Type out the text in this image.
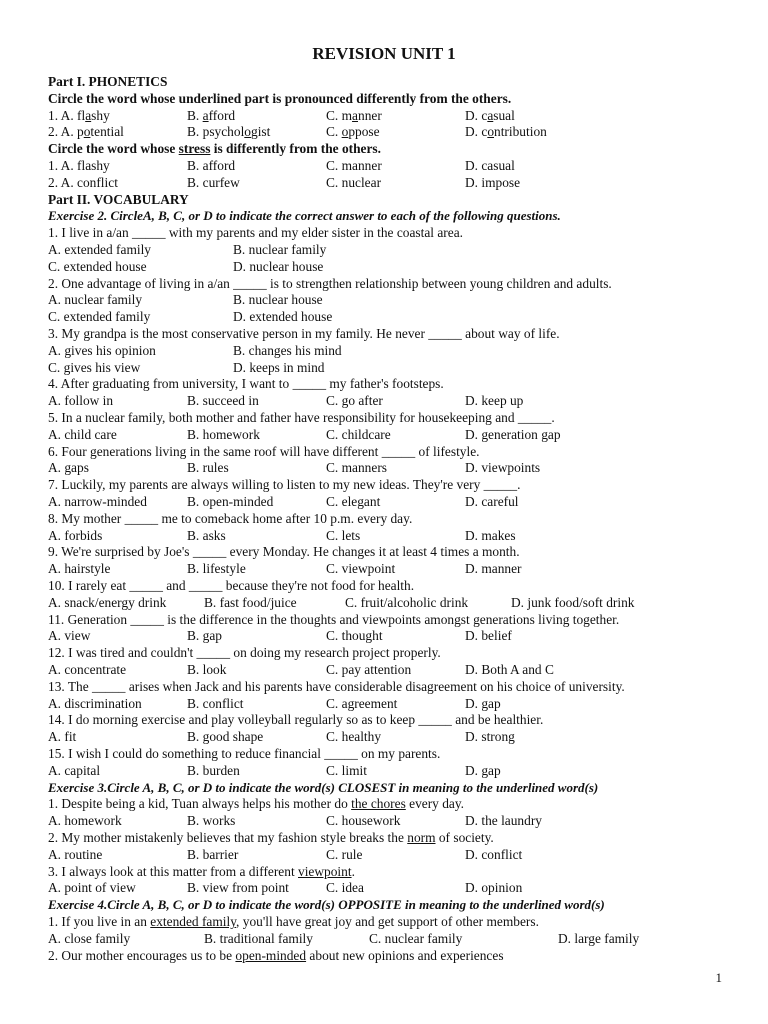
REVISION UNIT 1
Part I. PHONETICS
Circle the word whose underlined part is pronounced differently from the others.
1. A. flashy	B. afford	C. manner	D. casual
2. A. potential	B. psychologist	C. oppose	D. contribution
Circle the word whose stress is differently from the others.
1. A. flashy	B. afford	C. manner	D. casual
2. A. conflict	B. curfew	C. nuclear	D. impose
Part II. VOCABULARY
Exercise 2. CircleA, B, C, or D to indicate the correct answer to each of the following questions.
1. I live in a/an _____ with my parents and my elder sister in the coastal area.
A. extended family	B. nuclear family
C. extended house	D. nuclear house
2. One advantage of living in a/an _____ is to strengthen relationship between young children and adults.
A. nuclear family	B. nuclear house
C. extended family	D. extended house
3. My grandpa is the most conservative person in my family. He never _____ about way of life.
A. gives his opinion	B. changes his mind
C. gives his view	D. keeps in mind
4. After graduating from university, I want to _____ my father's footsteps.
A. follow in	B. succeed in	C. go after	D. keep up
5. In a nuclear family, both mother and father have responsibility for housekeeping and _____.
A. child care	B. homework	C. childcare	D. generation gap
6. Four generations living in the same roof will have different _____ of lifestyle.
A. gaps	B. rules	C. manners	D. viewpoints
7. Luckily, my parents are always willing to listen to my new ideas. They're very _____.
A. narrow-minded	B. open-minded	C. elegant	D. careful
8. My mother _____ me to comeback home after 10 p.m. every day.
A. forbids	B. asks	C. lets	D. makes
9. We're surprised by Joe's _____ every Monday. He changes it at least 4 times a month.
A. hairstyle	B. lifestyle	C. viewpoint	D. manner
10. I rarely eat _____ and _____ because they're not food for health.
A. snack/energy drink	B. fast food/juice	C. fruit/alcoholic drink	D. junk food/soft drink
11. Generation _____ is the difference in the thoughts and viewpoints amongst generations living together.
A. view	B. gap	C. thought	D. belief
12. I was tired and couldn't _____ on doing my research project properly.
A. concentrate	B. look	C. pay attention	D. Both A and C
13. The _____ arises when Jack and his parents have considerable disagreement on his choice of university.
A. discrimination	B. conflict	C. agreement	D. gap
14. I do morning exercise and play volleyball regularly so as to keep _____ and be healthier.
A. fit	B. good shape	C. healthy	D. strong
15. I wish I could do something to reduce financial _____ on my parents.
A. capital	B. burden	C. limit	D. gap
Exercise 3.Circle A, B, C, or D to indicate the word(s) CLOSEST in meaning to the underlined word(s)
1. Despite being a kid, Tuan always helps his mother do the chores every day.
A. homework	B. works	C. housework	D. the laundry
2. My mother mistakenly believes that my fashion style breaks the norm of society.
A. routine	B. barrier	C. rule	D. conflict
3. I always look at this matter from a different viewpoint.
A. point of view	B. view from point	C. idea	D. opinion
Exercise 4.Circle A, B, C, or D to indicate the word(s) OPPOSITE in meaning to the underlined word(s)
1. If you live in an extended family, you'll have great joy and get support of other members.
A. close family	B. traditional family	C. nuclear family	D. large family
2. Our mother encourages us to be open-minded about new opinions and experiences
1
